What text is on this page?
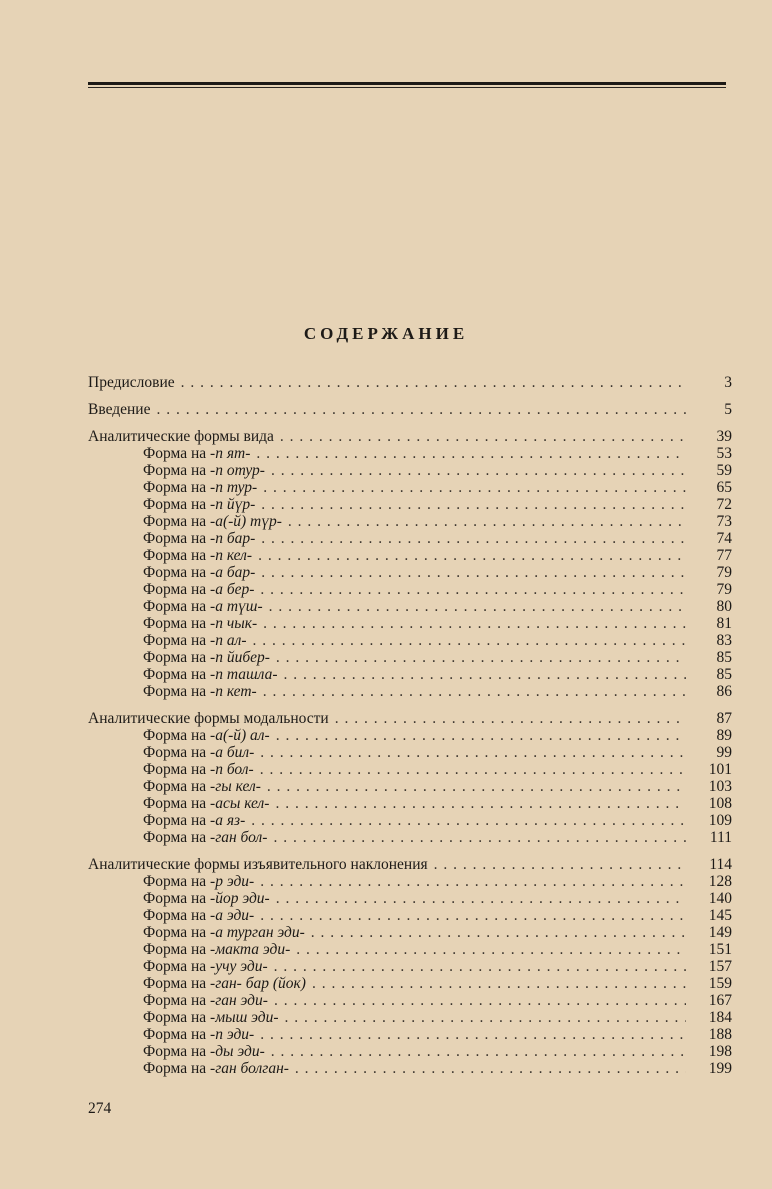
СОДЕРЖАНИЕ
Предисловие . . .	3
Введение . . .	5
Аналитические формы вида . . .	39
Форма на -п ят- . . .	53
Форма на -п отур- . . .	59
Форма на -п тур- . . .	65
Форма на -п йүр- . . .	72
Форма на -а(-й) түр- . . .	73
Форма на -п бар- . . .	74
Форма на -п кел- . . .	77
Форма на -а бар- . . .	79
Форма на -а бер- . . .	79
Форма на -а түш- . . .	80
Форма на -п чык- . . .	81
Форма на -п ал- . . .	83
Форма на -п йибер- . . .	85
Форма на -п ташла- . . .	85
Форма на -п кет- . . .	86
Аналитические формы модальности . . .	87
Форма на -а(-й) ал- . . .	89
Форма на -а бил- . . .	99
Форма на -п бол- . . .	101
Форма на -гы кел- . . .	103
Форма на -асы кел- . . .	108
Форма на -а яз- . . .	109
Форма на -ган бол- . . .	111
Аналитические формы изъявительного наклонения . . .	114
Форма на -р эди- . . .	128
Форма на -йор эди- . . .	140
Форма на -а эди- . . .	145
Форма на -а турган эди- . . .	149
Форма на -макта эди- . . .	151
Форма на -учу эди- . . .	157
Форма на -ган- бар (йок) . . .	159
Форма на -ган эди- . . .	167
Форма на -мыш эди- . . .	184
Форма на -п эди- . . .	188
Форма на -ды эди- . . .	198
Форма на -ган болган- . . .	199
274
